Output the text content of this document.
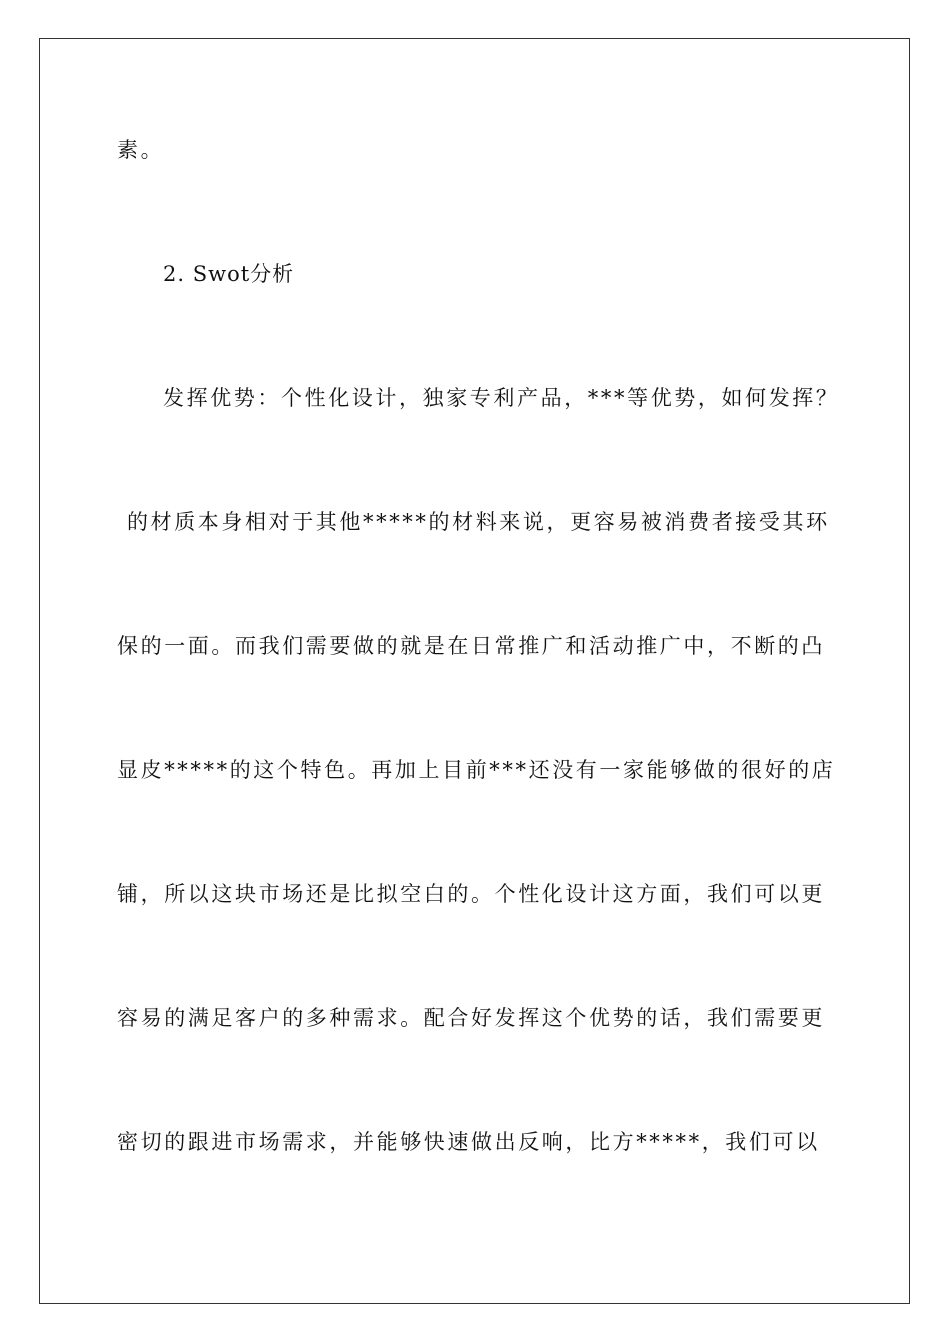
素。
2. Swot分析
发挥优势：个性化设计，独家专利产品，***等优势，如何发挥？
的材质本身相对于其他*****的材料来说，更容易被消费者接受其环
保的一面。而我们需要做的就是在日常推广和活动推广中，不断的凸
显皮*****的这个特色。再加上目前***还没有一家能够做的很好的店
铺，所以这块市场还是比拟空白的。个性化设计这方面，我们可以更
容易的满足客户的多种需求。配合好发挥这个优势的话，我们需要更
密切的跟进市场需求，并能够快速做出反响，比方*****，我们可以
